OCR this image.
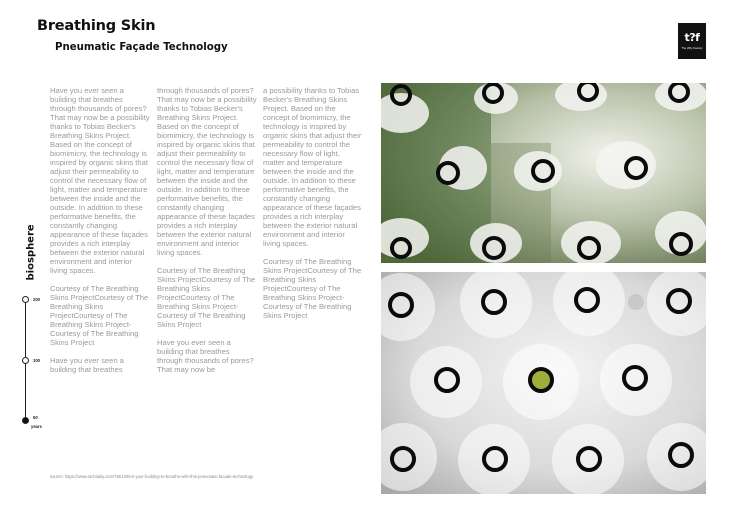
Breathing Skin
Pneumatic Façade Technology
t?f
The Why Factory

Have you ever seen a building that breathes through thousands of pores? That may now be a possibility thanks to Tobias Becker's Breathing Skins Project. Based on the concept of biomimicry, the technology is inspired by organic skins that adjust their permeability to control the necessary flow of light, matter and temperature between the inside and the outside. In addition to these performative benefits, the constantly changing appearance of these façades provides a rich interplay between the exterior natural environment and interior living spaces.

Courtesy of The Breathing Skins ProjectCourtesy of The Breathing Skins ProjectCourtesy of The Breathing Skins Project-Courtesy of The Breathing Skins Project

Have you ever seen a building that breathes

through thousands of pores? That may now be a possibility thanks to Tobias Becker's Breathing Skins Project. Based on the concept of biomimicry, the technology is inspired by organic skins that adjust their permeability to control the necessary flow of light, matter and temperature between the inside and the outside. In addition to these performative benefits, the constantly changing appearance of these façades provides a rich interplay between the exterior natural environment and interior living spaces.

Courtesy of The Breathing Skins ProjectCourtesy of The Breathing Skins ProjectCourtesy of The Breathing Skins Project-Courtesy of The Breathing Skins Project

Have you ever seen a building that breathes through thousands of pores? That may now be

a possibility thanks to Tobias Becker's Breathing Skins Project. Based on the concept of biomimicry, the technology is inspired by organic skins that adjust their permeability to control the necessary flow of light, matter and temperature between the inside and the outside. In addition to these performative benefits, the constantly changing appearance of these façades provides a rich interplay between the exterior natural environment and interior living spaces.

Courtesy of The Breathing Skins ProjectCourtesy of The Breathing Skins ProjectCourtesy of The Breathing Skins Project-Courtesy of The Breathing Skins Project

biosphere
200
100
50
years
source: https://www.archdaily.com/780130/ert-your-building-to-breathe-with-this-pneumatic-facade-technology
